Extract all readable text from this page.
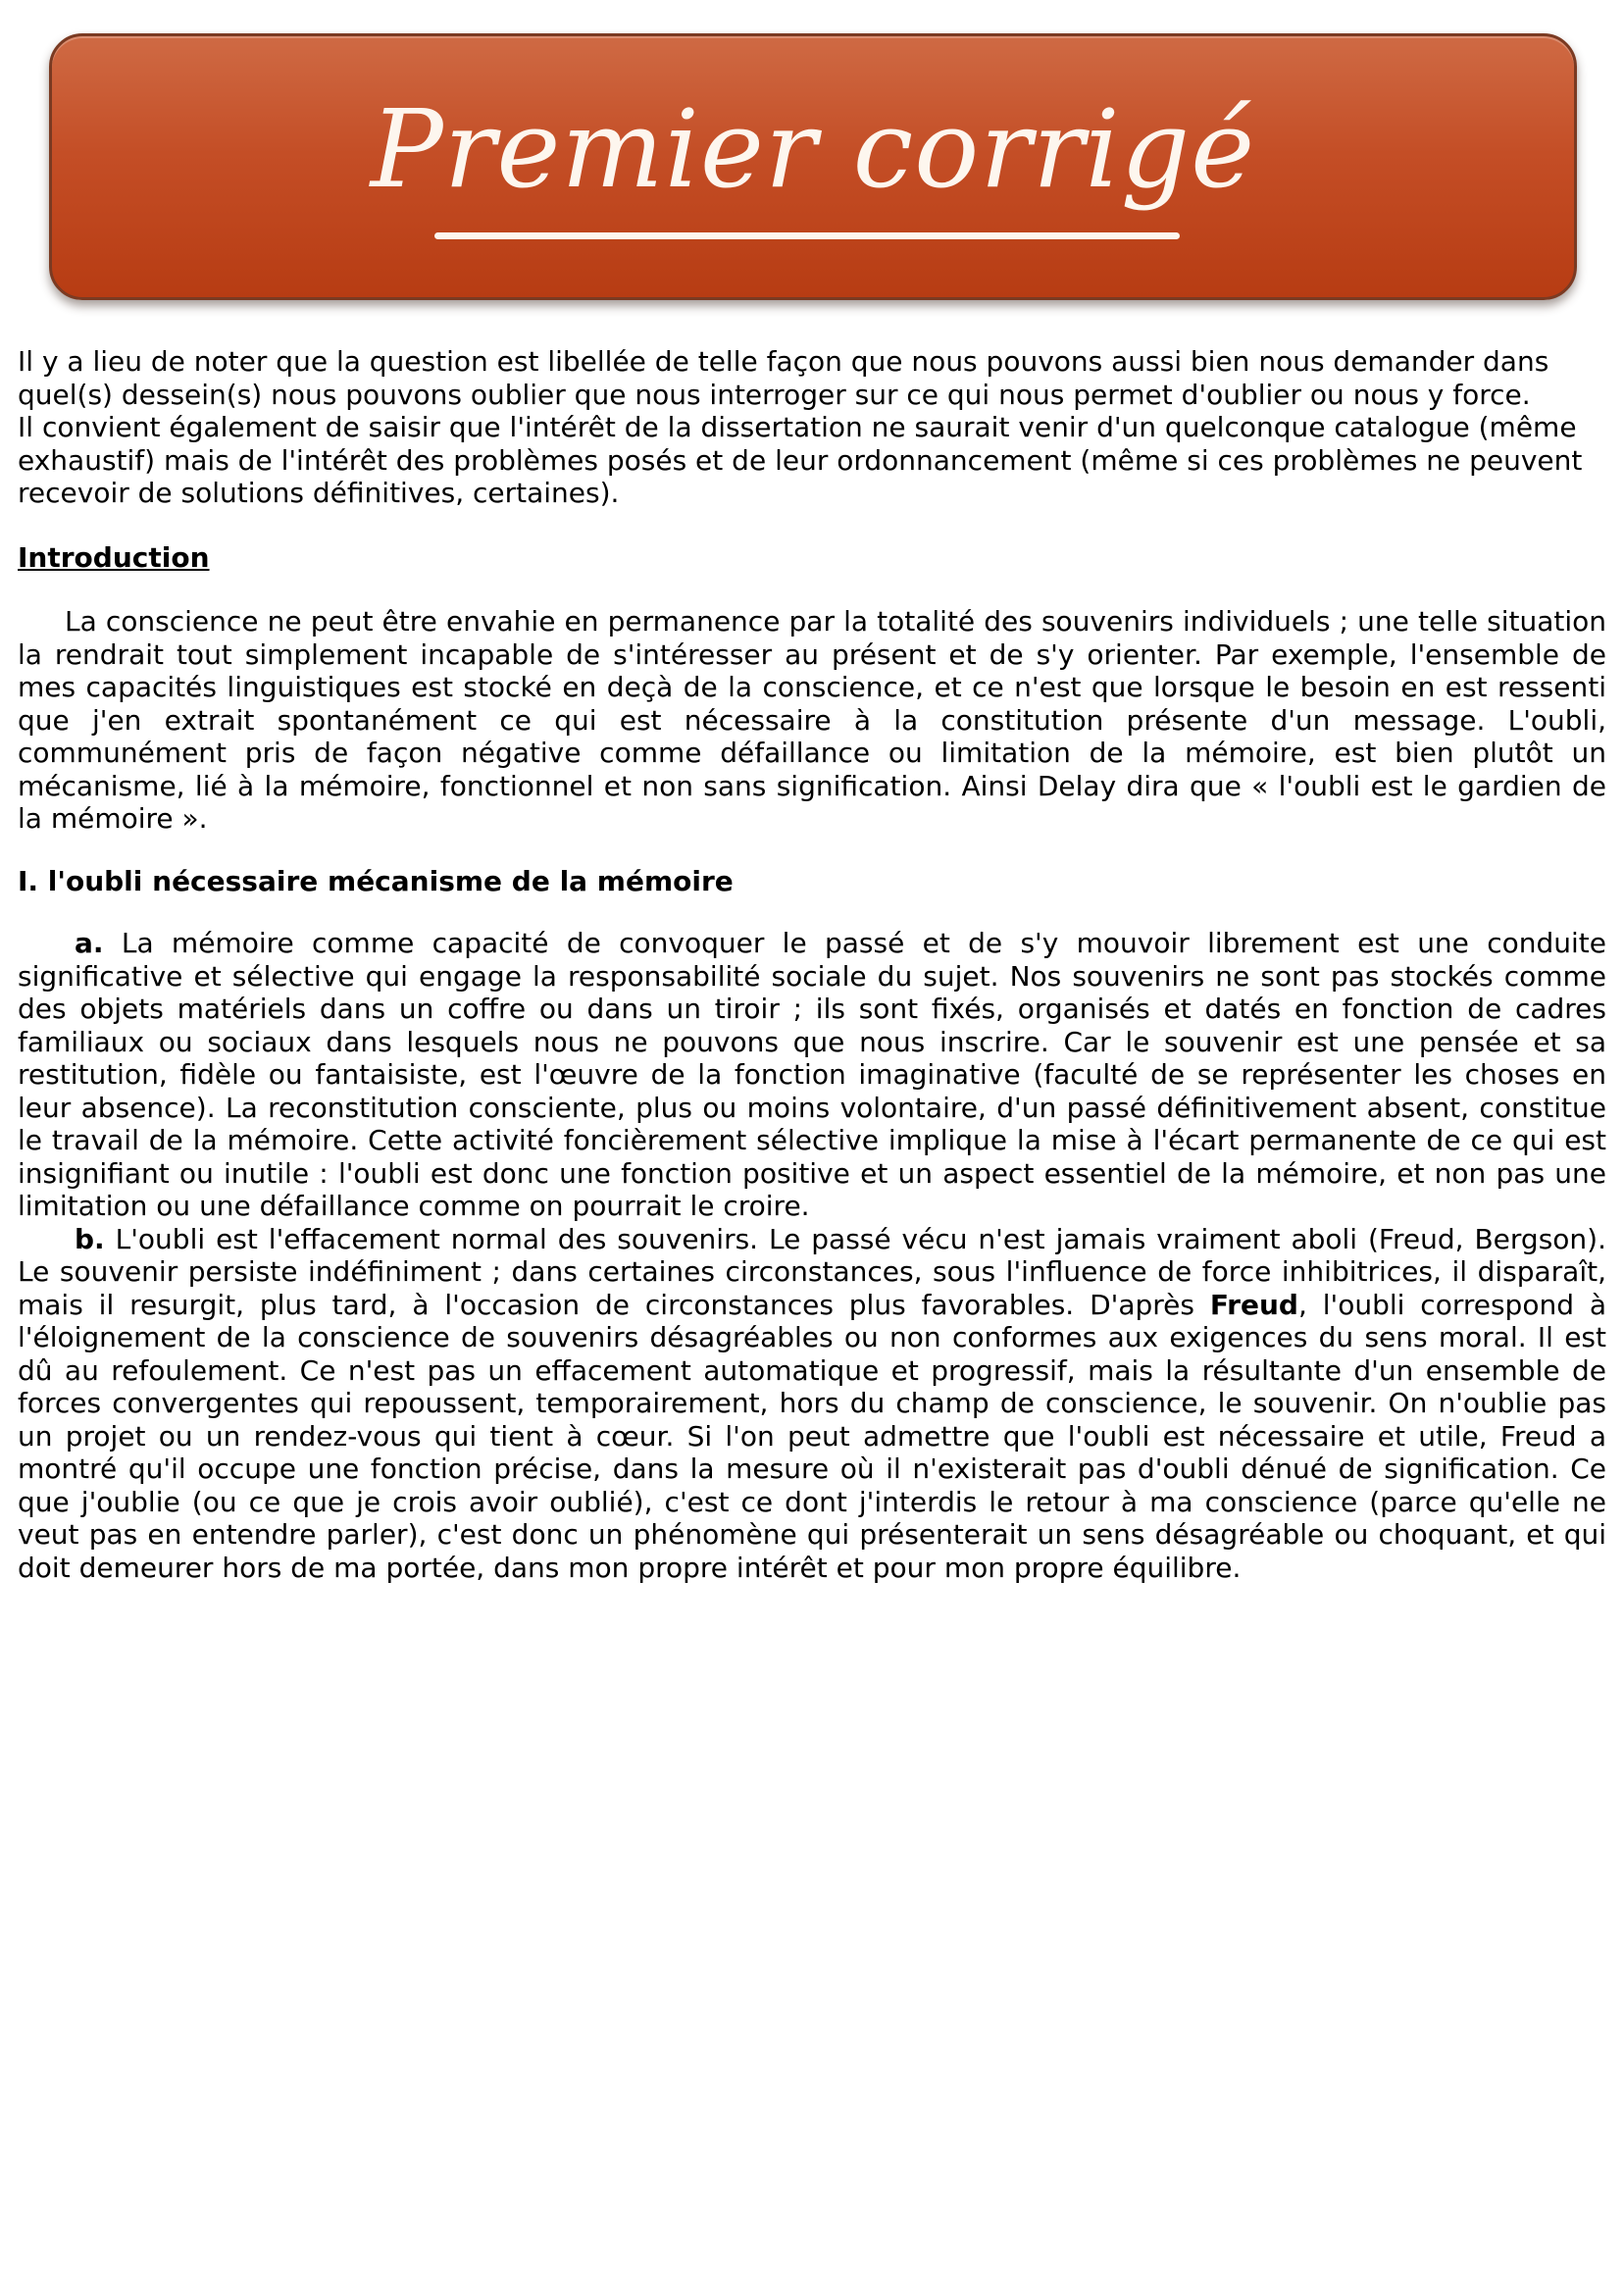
Premier corrigé

Il y a lieu de noter que la question est libellée de telle façon que nous pouvons aussi bien nous demander dans quel(s) dessein(s) nous pouvons oublier que nous interroger sur ce qui nous permet d'oublier ou nous y force.

Il convient également de saisir que l'intérêt de la dissertation ne saurait venir d'un quelconque catalogue (même exhaustif) mais de l'intérêt des problèmes posés et de leur ordonnancement (même si ces problèmes ne peuvent recevoir de solutions définitives, certaines).

Introduction

La conscience ne peut être envahie en permanence par la totalité des souvenirs individuels ; une telle situation la rendrait tout simplement incapable de s'intéresser au présent et de s'y orienter. Par exemple, l'ensemble de mes capacités linguistiques est stocké en deçà de la conscience, et ce n'est que lorsque le besoin en est ressenti que j'en extrait spontanément ce qui est nécessaire à la constitution présente d'un message. L'oubli, communément pris de façon négative comme défaillance ou limitation de la mémoire, est bien plutôt un mécanisme, lié à la mémoire, fonctionnel et non sans signification. Ainsi Delay dira que « l'oubli est le gardien de la mémoire ».

I. l'oubli nécessaire mécanisme de la mémoire

a. La mémoire comme capacité de convoquer le passé et de s'y mouvoir librement est une conduite significative et sélective qui engage la responsabilité sociale du sujet. Nos souvenirs ne sont pas stockés comme des objets matériels dans un coffre ou dans un tiroir ; ils sont fixés, organisés et datés en fonction de cadres familiaux ou sociaux dans lesquels nous ne pouvons que nous inscrire. Car le souvenir est une pensée et sa restitution, fidèle ou fantaisiste, est l'œuvre de la fonction imaginative (faculté de se représenter les choses en leur absence). La reconstitution consciente, plus ou moins volontaire, d'un passé définitivement absent, constitue le travail de la mémoire. Cette activité foncièrement sélective implique la mise à l'écart permanente de ce qui est insignifiant ou inutile : l'oubli est donc une fonction positive et un aspect essentiel de la mémoire, et non pas une limitation ou une défaillance comme on pourrait le croire.

b. L'oubli est l'effacement normal des souvenirs. Le passé vécu n'est jamais vraiment aboli (Freud, Bergson). Le souvenir persiste indéfiniment ; dans certaines circonstances, sous l'influence de force inhibitrices, il disparaît, mais il resurgit, plus tard, à l'occasion de circonstances plus favorables. D'après Freud, l'oubli correspond à l'éloignement de la conscience de souvenirs désagréables ou non conformes aux exigences du sens moral. Il est dû au refoulement. Ce n'est pas un effacement automatique et progressif, mais la résultante d'un ensemble de forces convergentes qui repoussent, temporairement, hors du champ de conscience, le souvenir. On n'oublie pas un projet ou un rendez-vous qui tient à cœur. Si l'on peut admettre que l'oubli est nécessaire et utile, Freud a montré qu'il occupe une fonction précise, dans la mesure où il n'existerait pas d'oubli dénué de signification. Ce que j'oublie (ou ce que je crois avoir oublié), c'est ce dont j'interdis le retour à ma conscience (parce qu'elle ne veut pas en entendre parler), c'est donc un phénomène qui présenterait un sens désagréable ou choquant, et qui doit demeurer hors de ma portée, dans mon propre intérêt et pour mon propre équilibre.
